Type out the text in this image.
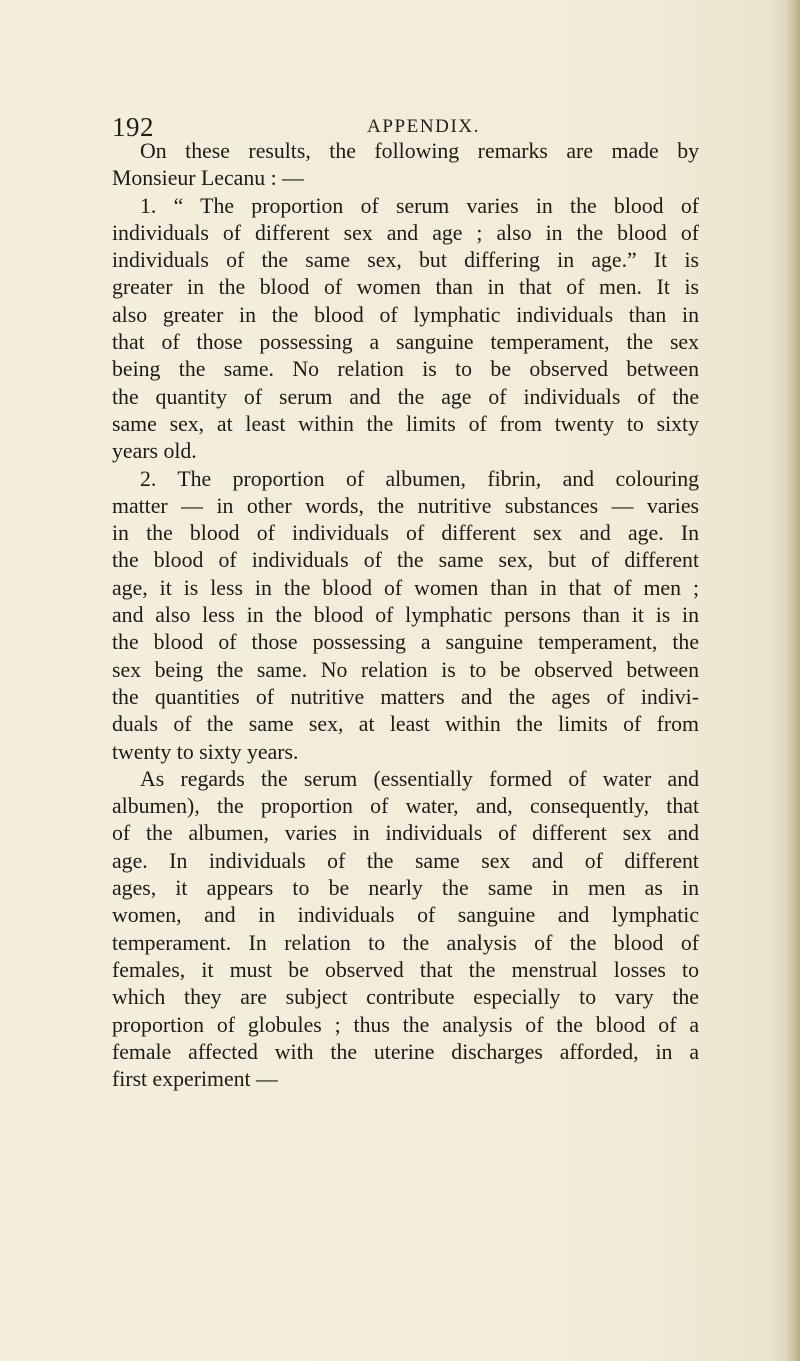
192	APPENDIX.
On these results, the following remarks are made by
Monsieur Lecanu : —
1. “ The proportion of serum varies in the blood of
individuals of different sex and age ; also in the blood of
individuals of the same sex, but differing in age.” It is
greater in the blood of women than in that of men. It is
also greater in the blood of lymphatic individuals than in
that of those possessing a sanguine temperament, the sex
being the same. No relation is to be observed between
the quantity of serum and the age of individuals of the
same sex, at least within the limits of from twenty to sixty
years old.
2. The proportion of albumen, fibrin, and colouring
matter — in other words, the nutritive substances — varies
in the blood of individuals of different sex and age. In
the blood of individuals of the same sex, but of different
age, it is less in the blood of women than in that of men ;
and also less in the blood of lymphatic persons than it is in
the blood of those possessing a sanguine temperament, the
sex being the same. No relation is to be observed between
the quantities of nutritive matters and the ages of indivi-
duals of the same sex, at least within the limits of from
twenty to sixty years.
As regards the serum (essentially formed of water and
albumen), the proportion of water, and, consequently, that
of the albumen, varies in individuals of different sex and
age. In individuals of the same sex and of different
ages, it appears to be nearly the same in men as in
women, and in individuals of sanguine and lymphatic
temperament. In relation to the analysis of the blood of
females, it must be observed that the menstrual losses to
which they are subject contribute especially to vary the
proportion of globules ; thus the analysis of the blood of a
female affected with the uterine discharges afforded, in a
first experiment —
